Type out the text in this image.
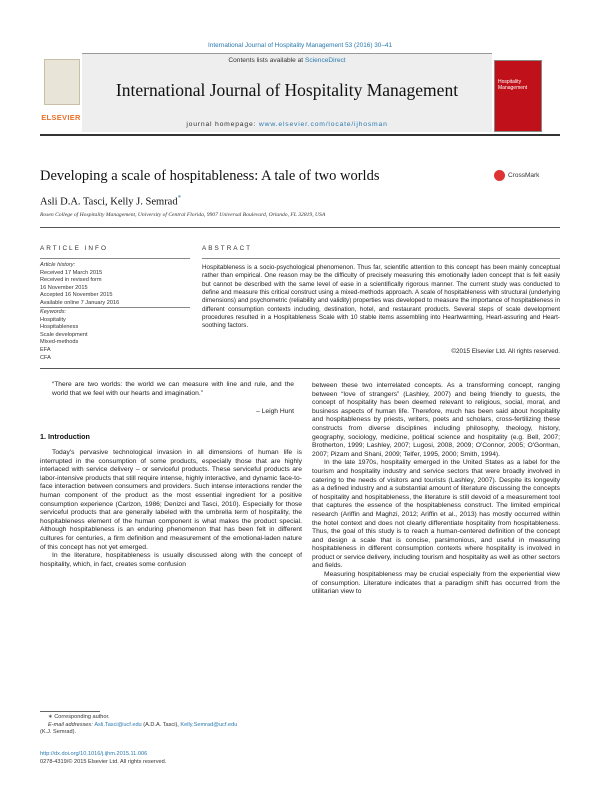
International Journal of Hospitality Management 53 (2016) 30–41
ELSEVIER
Contents lists available at ScienceDirect
International Journal of Hospitality Management
journal homepage: www.elsevier.com/locate/ijhosman
Hospitality Management
Developing a scale of hospitableness: A tale of two worlds	CrossMark
Asli D.A. Tasci, Kelly J. Semrad*
Rosen College of Hospitality Management, University of Central Florida, 9907 Universal Boulevard, Orlando, FL 32819, USA
ARTICLE INFO
Article history:
Received 17 March 2015
Received in revised form
16 November 2015
Accepted 16 November 2015
Available online 7 January 2016
Keywords:
Hospitality
Hospitableness
Scale development
Mixed-methods
EFA
CFA
ABSTRACT
Hospitableness is a socio-psychological phenomenon. Thus far, scientific attention to this concept has been mainly conceptual rather than empirical. One reason may be the difficulty of precisely measuring this emotionally laden concept that is felt easily but cannot be described with the same level of ease in a scientifically rigorous manner. The current study was conducted to define and measure this critical construct using a mixed-methods approach. A scale of hospitableness with structural (underlying dimensions) and psychometric (reliability and validity) properties was developed to measure the importance of hospitableness in different consumption contexts including, destination, hotel, and restaurant products. Several steps of scale development procedures resulted in a Hospitableness Scale with 10 stable items assembling into Heartwarming, Heart-assuring and Heart-soothing factors.
©2015 Elsevier Ltd. All rights reserved.
“There are two worlds: the world we can measure with line and rule, and the world that we feel with our hearts and imagination.”
– Leigh Hunt
1. Introduction

Today's pervasive technological invasion in all dimensions of human life is interrupted in the consumption of some products, especially those that are highly interlaced with service delivery – or serviceful products. These serviceful products are labor-intensive products that still require intense, highly interactive, and dynamic face-to-face interaction between consumers and providers. Such intense interactions render the human component of the product as the most essential ingredient for a positive consumption experience (Carlzon, 1986; Denizci and Tasci, 2010). Especially for those serviceful products that are generally labeled with the umbrella term of hospitality, the hospitableness element of the human component is what makes the product special. Although hospitableness is an enduring phenomenon that has been felt in different cultures for centuries, a firm definition and measurement of the emotional-laden nature of this concept has not yet emerged.

In the literature, hospitableness is usually discussed along with the concept of hospitality, which, in fact, creates some confusion

between these two interrelated concepts. As a transforming concept, ranging between “love of strangers” (Lashley, 2007) and being friendly to guests, the concept of hospitality has been deemed relevant to religious, social, moral, and business aspects of human life. Therefore, much has been said about hospitality and hospitableness by priests, writers, poets and scholars, cross-fertilizing these constructs from diverse disciplines including philosophy, theology, history, geography, sociology, medicine, political science and hospitality (e.g. Bell, 2007; Brotherton, 1999; Lashley, 2007; Lugosi, 2008, 2009; O'Connor, 2005; O'Gorman, 2007; Pizam and Shani, 2009; Telfer, 1995, 2000; Smith, 1994).

In the late 1970s, hospitality emerged in the United States as a label for the tourism and hospitality industry and service sectors that were broadly involved in catering to the needs of visitors and tourists (Lashley, 2007). Despite its longevity as a defined industry and a substantial amount of literature discussing the concepts of hospitality and hospitableness, the literature is still devoid of a measurement tool that captures the essence of the hospitableness construct. The limited empirical research (Ariffin and Maghzi, 2012; Ariffin et al., 2013) has mostly occurred within the hotel context and does not clearly differentiate hospitality from hospitableness. Thus, the goal of this study is to reach a human-centered definition of the concept and design a scale that is concise, parsimonious, and useful in measuring hospitableness in different consumption contexts where hospitality is involved in product or service delivery, including tourism and hospitality as well as other sectors and fields.

Measuring hospitableness may be crucial especially from the experiential view of consumption. Literature indicates that a paradigm shift has occurred from the utilitarian view to

∗ Corresponding author.
E-mail addresses: Asli.Tasci@ucf.edu (A.D.A. Tasci), Kelly.Semrad@ucf.edu
(K.J. Semrad).
http://dx.doi.org/10.1016/j.ijhm.2015.11.006
0278-4319/© 2015 Elsevier Ltd. All rights reserved.
